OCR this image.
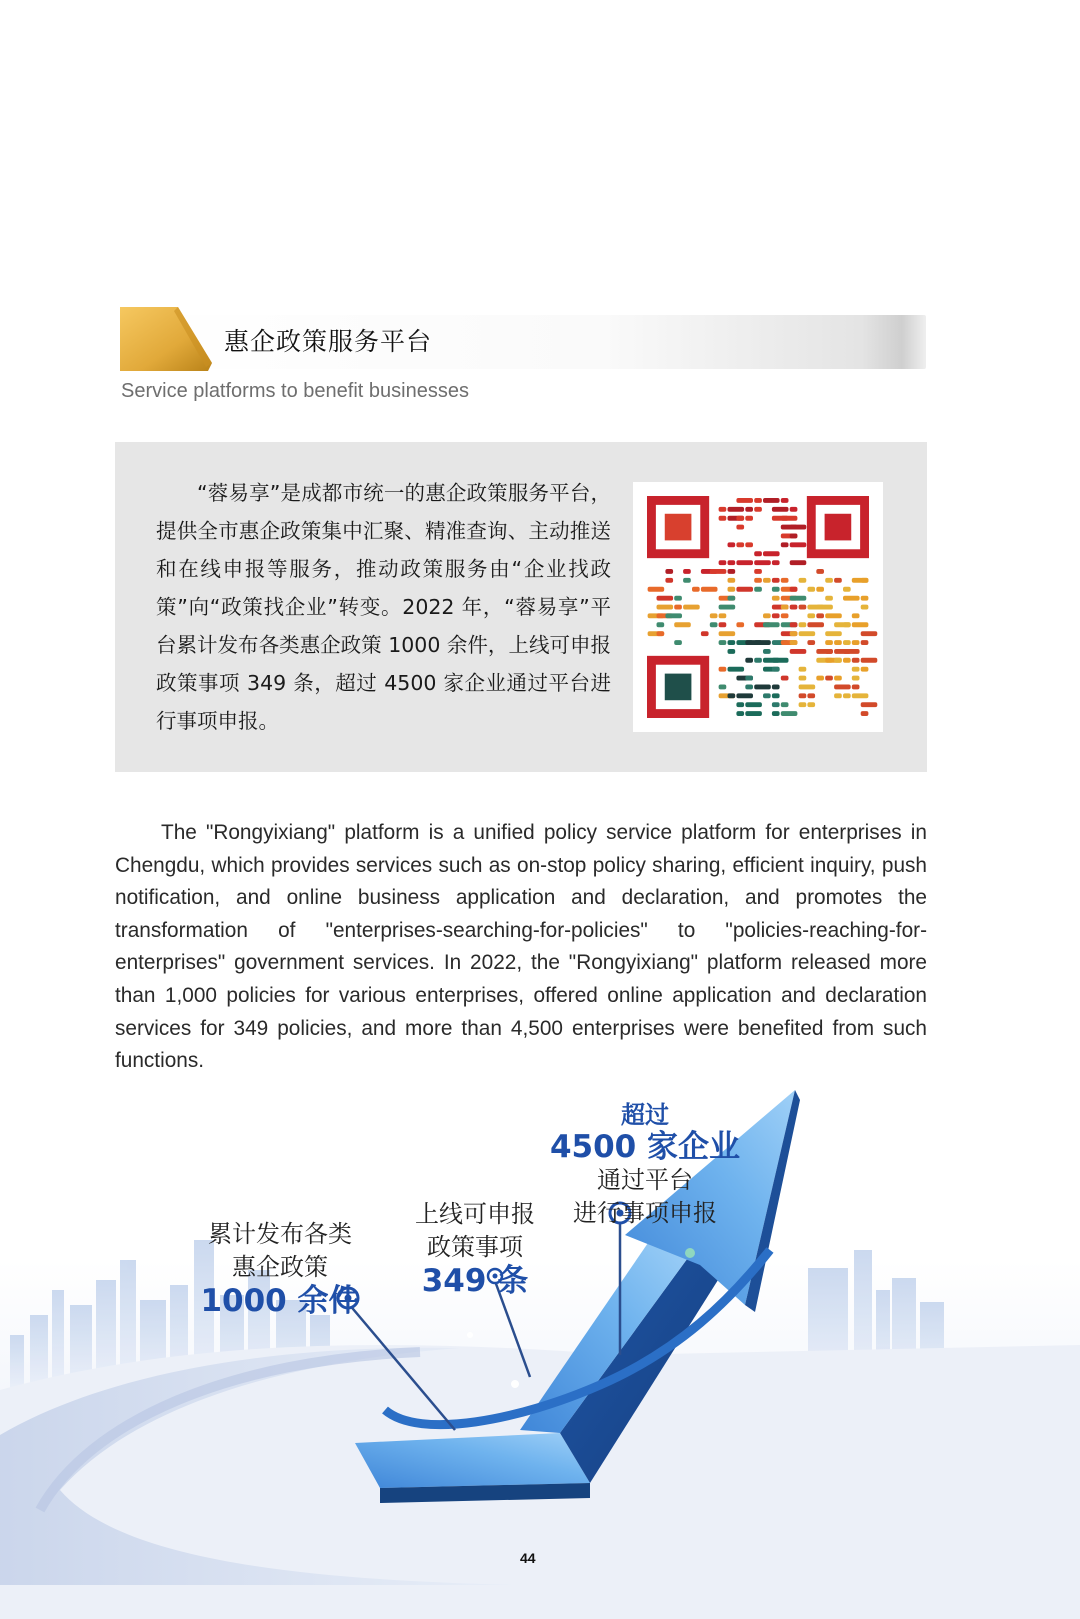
惠企政策服务平台
Service platforms to benefit businesses
“蓉易享”是成都市统一的惠企政策服务平台，提供全市惠企政策集中汇聚、精准查询、主动推送和在线申报等服务，推动政策服务由“企业找政策”向“政策找企业”转变。2022 年，“蓉易享”平台累计发布各类惠企政策 1000 余件，上线可申报政策事项 349 条，超过 4500 家企业通过平台进行事项申报。
The "Rongyixiang" platform is a unified policy service platform for enterprises in Chengdu, which provides services such as on-stop policy sharing, efficient inquiry, push notification, and online business application and declaration, and promotes the transformation of "enterprises-searching-for-policies" to "policies-reaching-for-enterprises" government services. In 2022, the "Rongyixiang" platform released more than 1,000 policies for various enterprises, offered online application and declaration services for 349 policies, and more than 4,500 enterprises were benefited from such functions.
累计发布各类
惠企政策
1000 余件
上线可申报
政策事项
349 条
超过
4500 家企业
通过平台
进行事项申报
44
